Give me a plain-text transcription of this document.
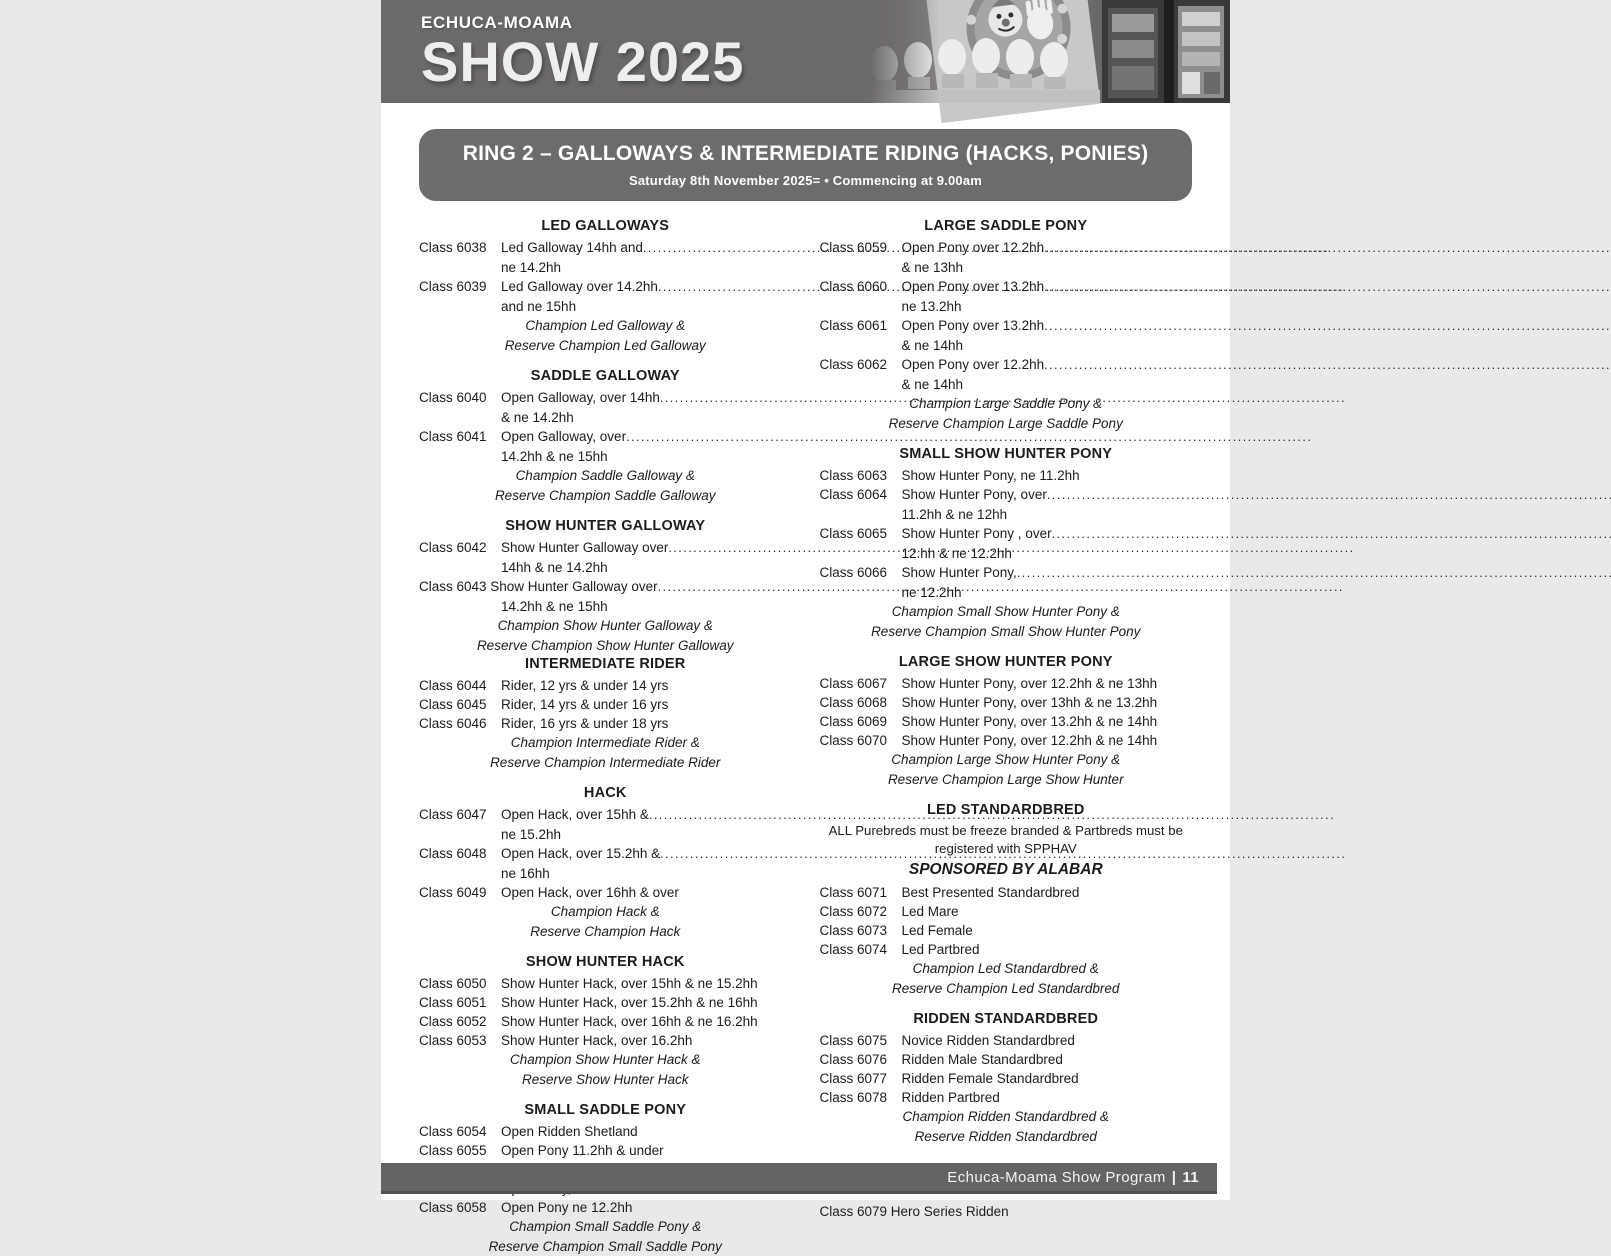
ECHUCA-MOAMA
SHOW 2025
RING 2 – GALLOWAYS & INTERMEDIATE RIDING (HACKS, PONIES)
Saturday 8th November 2025= • Commencing at 9.00am
LED GALLOWAYS
Class 6038	Led Galloway 14hh and
.....
ne 14.2hh
Class 6039	Led Galloway over 14.2hh
.....
and ne 15hh
Champion Led Galloway &
Reserve Champion Led Galloway
SADDLE GALLOWAY
Class 6040	Open Galloway, over 14hh
.....
& ne 14.2hh
Class 6041	Open Galloway, over
.....
14.2hh & ne 15hh
Champion Saddle Galloway &
Reserve Champion Saddle Galloway
SHOW HUNTER GALLOWAY
Class 6042	Show Hunter Galloway over
.....
14hh & ne 14.2hh
Class 6043 Show Hunter Galloway over
.....
14.2hh & ne 15hh
Champion Show Hunter Galloway &
Reserve Champion Show Hunter Galloway
INTERMEDIATE RIDER
Class 6044	Rider, 12 yrs & under 14 yrs
Class 6045	Rider, 14 yrs & under 16 yrs
Class 6046	Rider, 16 yrs & under 18 yrs
Champion Intermediate Rider &
Reserve Champion Intermediate Rider
HACK
Class 6047	Open Hack, over 15hh &
.....
ne 15.2hh
Class 6048	Open Hack, over 15.2hh &
.....
ne 16hh
Class 6049	Open Hack, over 16hh & over
Champion Hack &
Reserve Champion Hack
SHOW HUNTER HACK
Class 6050	Show Hunter Hack, over 15hh & ne 15.2hh
Class 6051	Show Hunter Hack, over 15.2hh & ne 16hh
Class 6052	Show Hunter Hack, over 16hh & ne 16.2hh
Class 6053	Show Hunter Hack, over 16.2hh
Champion Show Hunter Hack &
Reserve Show Hunter Hack
SMALL SADDLE PONY
Class 6054	Open Ridden Shetland
Class 6055	Open Pony 11.2hh & under
Class 6058	Open Pony ne 12.2hh
Champion Small Saddle Pony &
Reserve Champion Small Saddle Pony
LARGE SADDLE PONY
Class 6059	Open Pony over 12.2hh
.....
& ne 13hh
Class 6060	Open Pony over 13.2hh
.....
ne 13.2hh
Class 6061	Open Pony over 13.2hh
.....
& ne 14hh
Class 6062	Open Pony over 12.2hh
.....
& ne 14hh
Champion Large Saddle Pony &
Reserve Champion Large Saddle Pony
SMALL SHOW HUNTER PONY
Class 6063	Show Hunter Pony, ne 11.2hh
Class 6064	Show Hunter Pony, over
.....
11.2hh & ne 12hh
Class 6065	Show Hunter Pony , over
.....
12.hh & ne 12.2hh
Class 6066	Show Hunter Pony,
.....
ne 12.2hh
Champion Small Show Hunter Pony &
Reserve Champion Small Show Hunter Pony
LARGE SHOW HUNTER PONY
Class 6067	Show Hunter Pony, over 12.2hh & ne 13hh
Class 6068	Show Hunter Pony, over 13hh & ne 13.2hh
Class 6069	Show Hunter Pony, over 13.2hh & ne 14hh
Class 6070	Show Hunter Pony, over 12.2hh & ne 14hh
Champion Large Show Hunter Pony &
Reserve Champion Large Show Hunter
LED STANDARDBRED
ALL Purebreds must be freeze branded & Partbreds must be registered with SPPHAV
SPONSORED BY ALABAR
Class 6071	Best Presented Standardbred
Class 6072	Led Mare
Class 6073	Led Female
Class 6074	Led Partbred
Champion Led Standardbred &
Reserve Champion Led Standardbred
RIDDEN STANDARDBRED
Class 6075	Novice Ridden Standardbred
Class 6076	Ridden Male Standardbred
Class 6077	Ridden Female Standardbred
Class 6078	Ridden Partbred
Champion Ridden Standardbred &
Reserve Ridden Standardbred
Class 6079 Hero Series Ridden
Echuca-Moama Show Program | 11
